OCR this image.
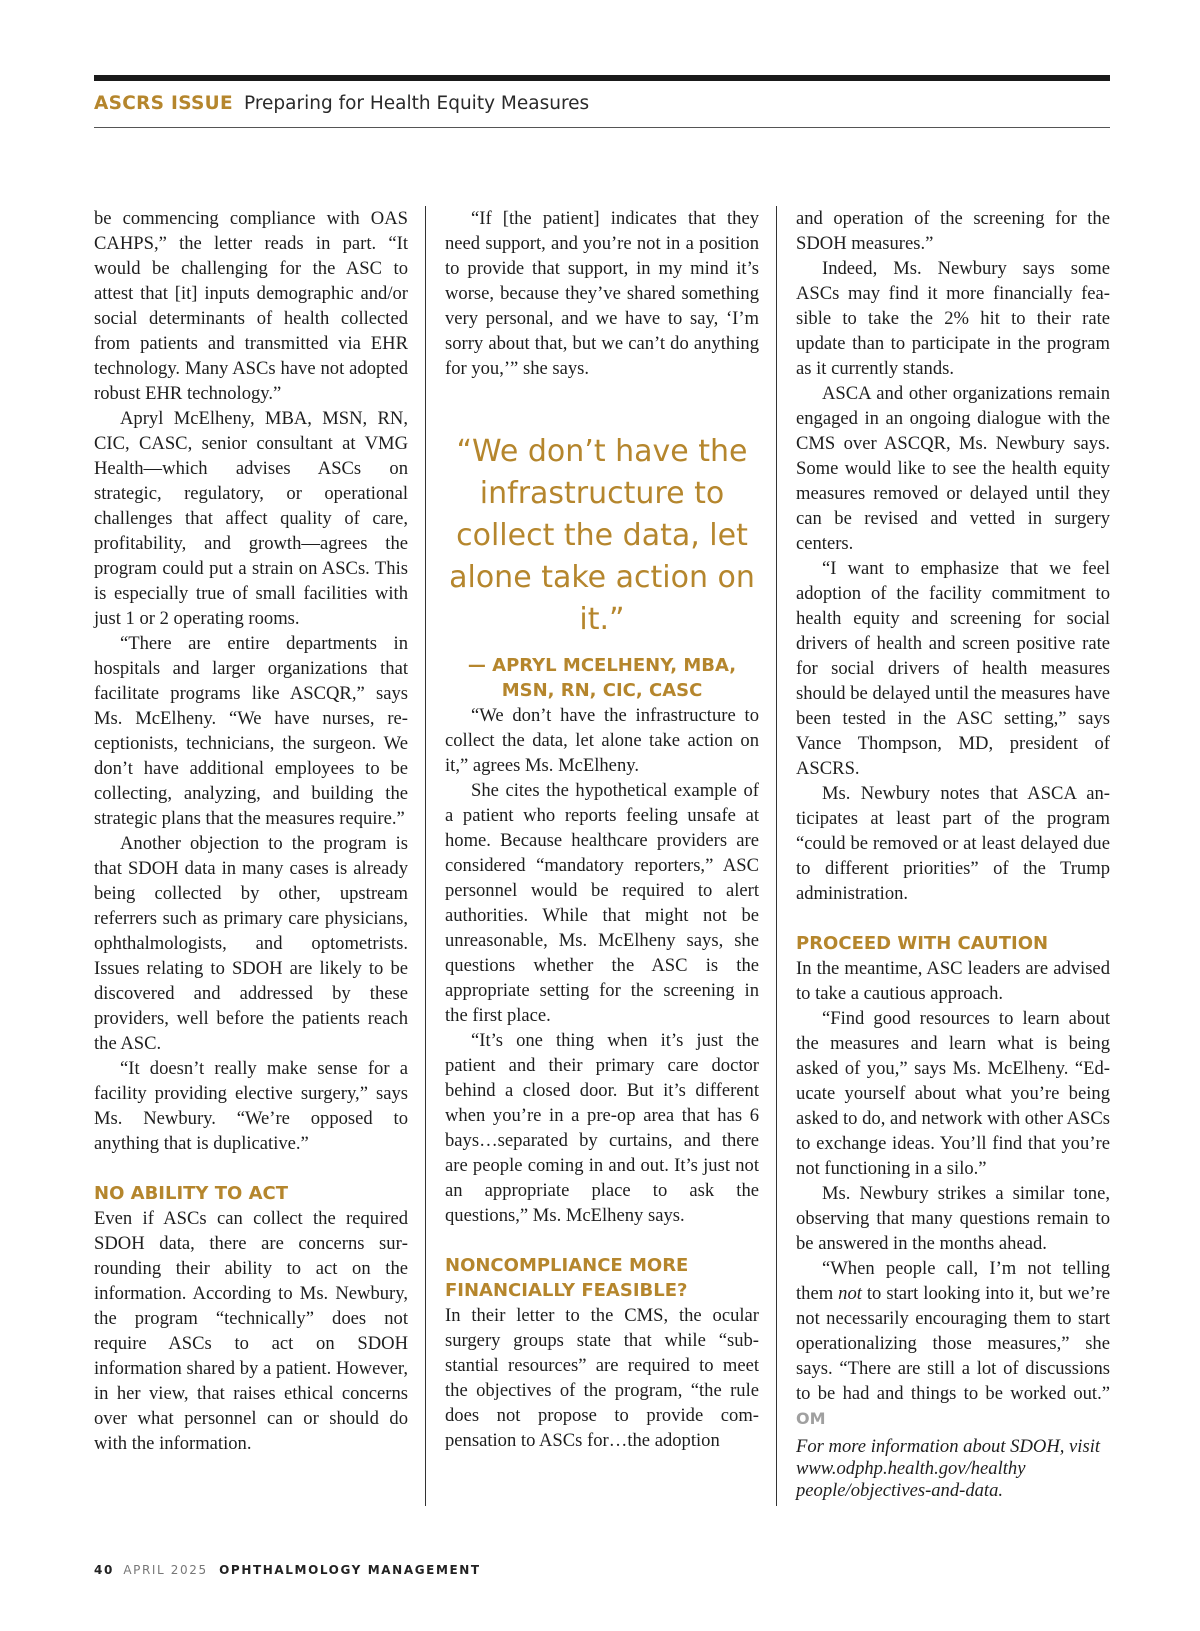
ASCRS ISSUE Preparing for Health Equity Measures

be commencing compliance with OAS CAHPS,” the letter reads in part. “It would be challenging for the ASC to attest that [it] inputs demographic and/or social determinants of health collected from patients and transmitted via EHR technology. Many ASCs have not adopted robust EHR technology.”

Apryl McElheny, MBA, MSN, RN, CIC, CASC, senior consultant at VMG Health—which advises ASCs on strategic, regulatory, or operational challenges that affect quality of care, profitability, and growth—agrees the program could put a strain on ASCs. This is especially true of small facilities with just 1 or 2 operating rooms.

“There are entire departments in hospitals and larger organizations that facilitate programs like ASCQR,” says Ms. McElheny. “We have nurses, receptionists, technicians, the surgeon. We don’t have additional employees to be collecting, analyzing, and building the strategic plans that the measures require.”

Another objection to the program is that SDOH data in many cases is already being collected by other, upstream referrers such as primary care physicians, ophthalmologists, and optometrists. Issues relating to SDOH are likely to be discovered and addressed by these providers, well before the patients reach the ASC.

“It doesn’t really make sense for a facility providing elective surgery,” says Ms. Newbury. “We’re opposed to anything that is duplicative.”

NO ABILITY TO ACT

Even if ASCs can collect the required SDOH data, there are concerns surrounding their ability to act on the information. According to Ms. Newbury, the program “technically” does not require ASCs to act on SDOH information shared by a patient. However, in her view, that raises ethical concerns over what personnel can or should do with the information.

“If [the patient] indicates that they need support, and you’re not in a position to provide that support, in my mind it’s worse, because they’ve shared something very personal, and we have to say, ‘I’m sorry about that, but we can’t do anything for you,’” she says.

“We don’t have the infrastructure to collect the data, let alone take action on it.”
— APRYL MCELHENY, MBA, MSN, RN, CIC, CASC

“We don’t have the infrastructure to collect the data, let alone take action on it,” agrees Ms. McElheny.

She cites the hypothetical example of a patient who reports feeling unsafe at home. Because healthcare providers are considered “mandatory reporters,” ASC personnel would be required to alert authorities. While that might not be unreasonable, Ms. McElheny says, she questions whether the ASC is the appropriate setting for the screening in the first place.

“It’s one thing when it’s just the patient and their primary care doctor behind a closed door. But it’s different when you’re in a pre-op area that has 6 bays…separated by curtains, and there are people coming in and out. It’s just not an appropriate place to ask the questions,” Ms. McElheny says.

NONCOMPLIANCE MORE FINANCIALLY FEASIBLE?

In their letter to the CMS, the ocular surgery groups state that while “substantial resources” are required to meet the objectives of the program, “the rule does not propose to provide compensation to ASCs for…the adoption

and operation of the screening for the SDOH measures.”

Indeed, Ms. Newbury says some ASCs may find it more financially feasible to take the 2% hit to their rate update than to participate in the program as it currently stands.

ASCA and other organizations remain engaged in an ongoing dialogue with the CMS over ASCQR, Ms. Newbury says. Some would like to see the health equity measures removed or delayed until they can be revised and vetted in surgery centers.

“I want to emphasize that we feel adoption of the facility commitment to health equity and screening for social drivers of health and screen positive rate for social drivers of health measures should be delayed until the measures have been tested in the ASC setting,” says Vance Thompson, MD, president of ASCRS.

Ms. Newbury notes that ASCA anticipates at least part of the program “could be removed or at least delayed due to different priorities” of the Trump administration.

PROCEED WITH CAUTION

In the meantime, ASC leaders are advised to take a cautious approach.

“Find good resources to learn about the measures and learn what is being asked of you,” says Ms. McElheny. “Educate yourself about what you’re being asked to do, and network with other ASCs to exchange ideas. You’ll find that you’re not functioning in a silo.”

Ms. Newbury strikes a similar tone, observing that many questions remain to be answered in the months ahead.

“When people call, I’m not telling them not to start looking into it, but we’re not necessarily encouraging them to start operationalizing those measures,” she says. “There are still a lot of discussions to be had and things to be worked out.” OM

For more information about SDOH, visit www.odphp.health.gov/healthy people/objectives-and-data.

40 APRIL 2025 OPHTHALMOLOGY MANAGEMENT
